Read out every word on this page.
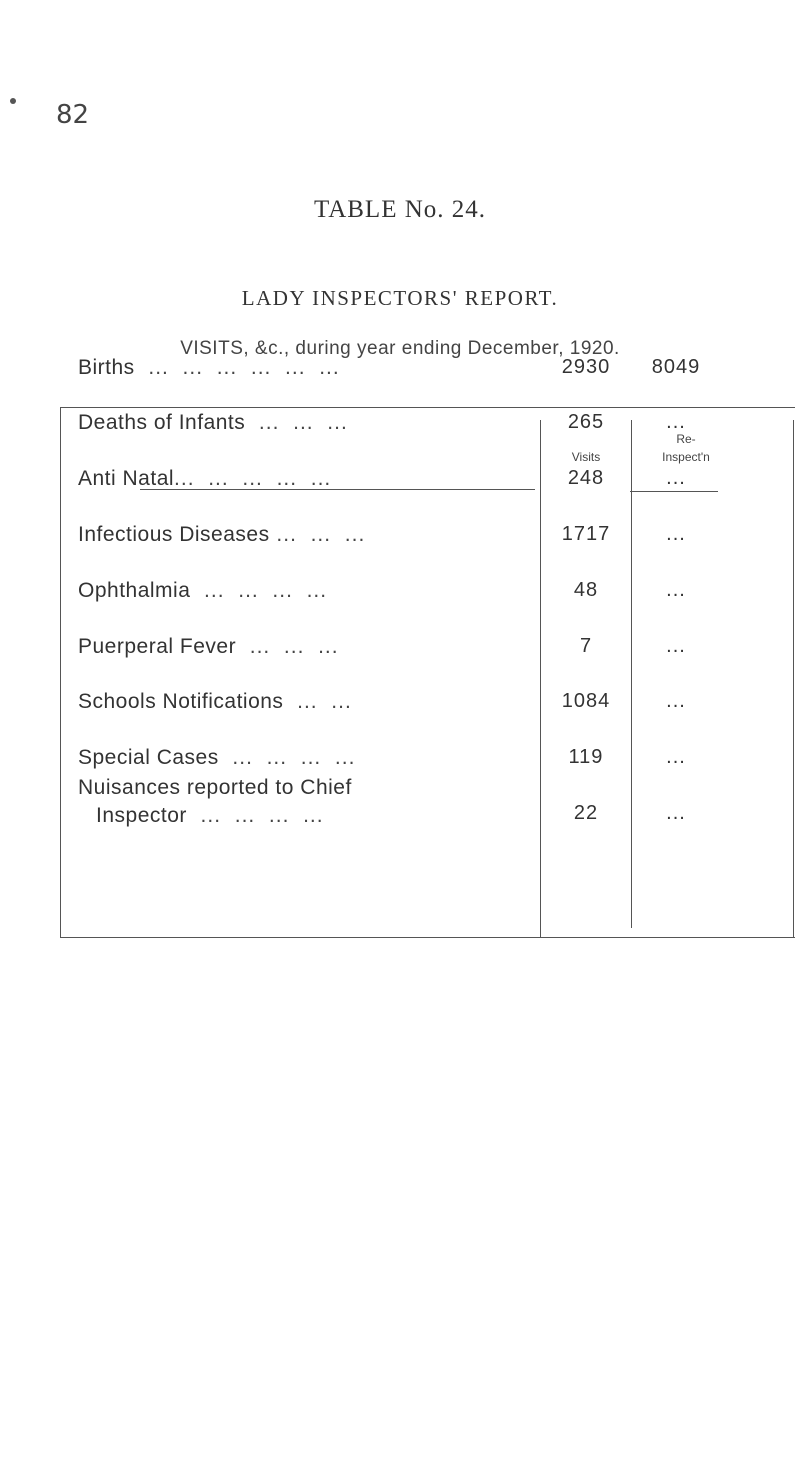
82
TABLE No. 24.
LADY INSPECTORS' REPORT.
VISITS, &c., during year ending December, 1920.
Visits
Re-
Inspect'n
Births  ...  ...  ...  ...  ...  ...	2930	8049
Deaths of Infants  ...  ...  ...	265	...
Anti Natal...  ...  ...  ...  ...	248	...
Infectious Diseases ...  ...  ...	1717	...
Ophthalmia  ...  ...  ...  ...	48	...
Puerperal Fever  ...  ...  ...	7	...
Schools Notifications  ...  ...	1084	...
Special Cases  ...  ...  ...  ...	119	...
Nuisances reported to Chief
Inspector  ...  ...  ...  ...	22	...
